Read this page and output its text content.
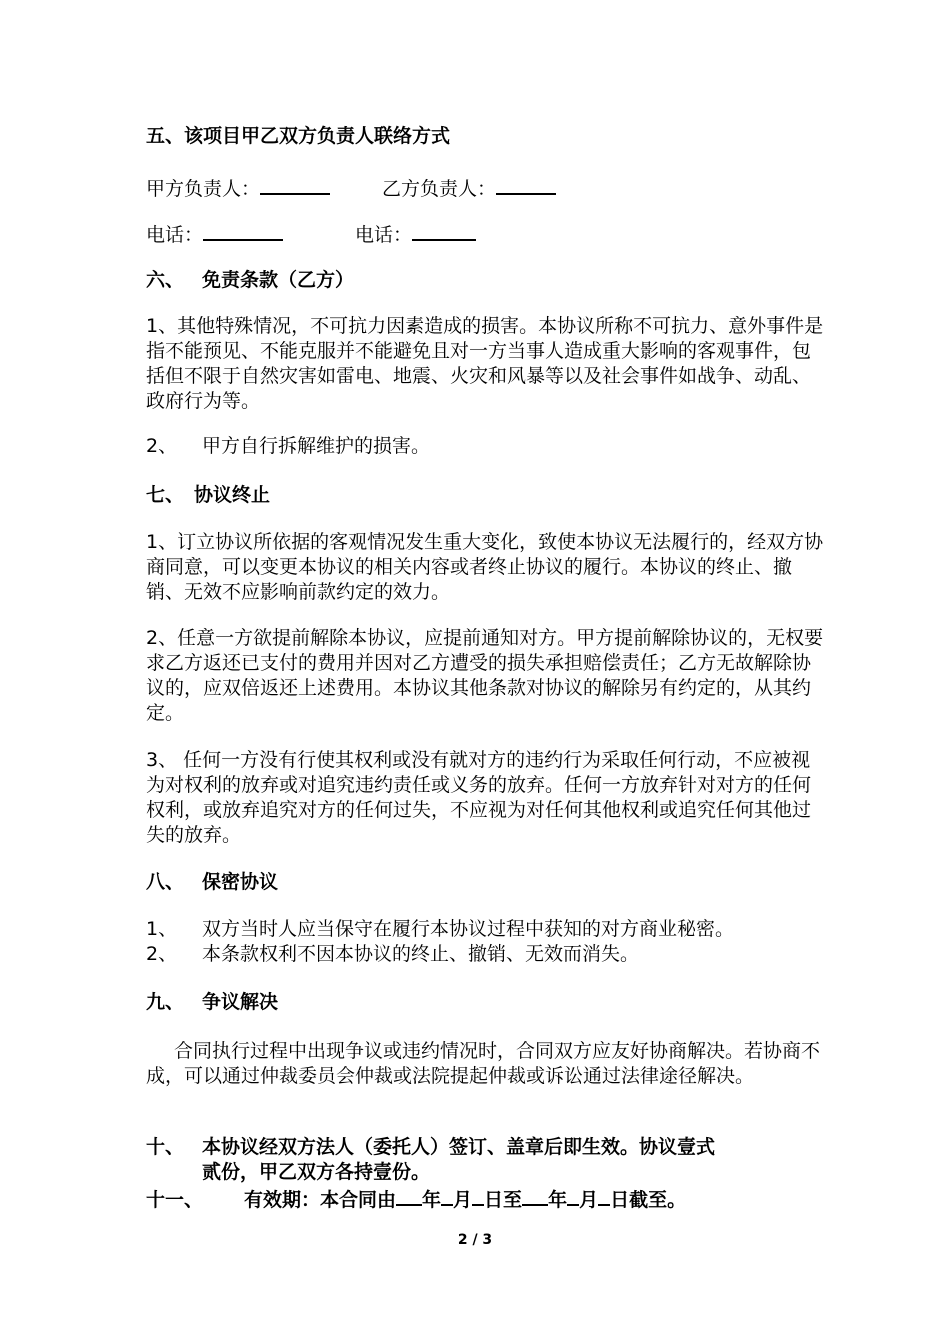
五、该项目甲乙双方负责人联络方式
甲方负责人：	乙方负责人：
电话：	电话：
六、 免责条款（乙方）
1、其他特殊情况，不可抗力因素造成的损害。本协议所称不可抗力、意外事件是指不能预见、不能克服并不能避免且对一方当事人造成重大影响的客观事件，包括但不限于自然灾害如雷电、地震、火灾和风暴等以及社会事件如战争、动乱、政府行为等。
2、 甲方自行拆解维护的损害。
七、 协议终止
1、订立协议所依据的客观情况发生重大变化，致使本协议无法履行的，经双方协商同意，可以变更本协议的相关内容或者终止协议的履行。本协议的终止、撤销、无效不应影响前款约定的效力。
2、任意一方欲提前解除本协议，应提前通知对方。甲方提前解除协议的，无权要求乙方返还已支付的费用并因对乙方遭受的损失承担赔偿责任；乙方无故解除协议的，应双倍返还上述费用。本协议其他条款对协议的解除另有约定的，从其约定。
3、 任何一方没有行使其权利或没有就对方的违约行为采取任何行动，不应被视为对权利的放弃或对追究违约责任或义务的放弃。任何一方放弃针对对方的任何权利，或放弃追究对方的任何过失，不应视为对任何其他权利或追究任何其他过失的放弃。
八、 保密协议
1、 双方当时人应当保守在履行本协议过程中获知的对方商业秘密。
2、 本条款权利不因本协议的终止、撤销、无效而消失。
九、 争议解决
合同执行过程中出现争议或违约情况时，合同双方应友好协商解决。若协商不成，可以通过仲裁委员会仲裁或法院提起仲裁或诉讼通过法律途径解决。
十、 本协议经双方法人（委托人）签订、盖章后即生效。协议壹式
贰份，甲乙双方各持壹份。
十一、 有效期：本合同由 年 月 日至 年 月 日截至。
2 / 3
